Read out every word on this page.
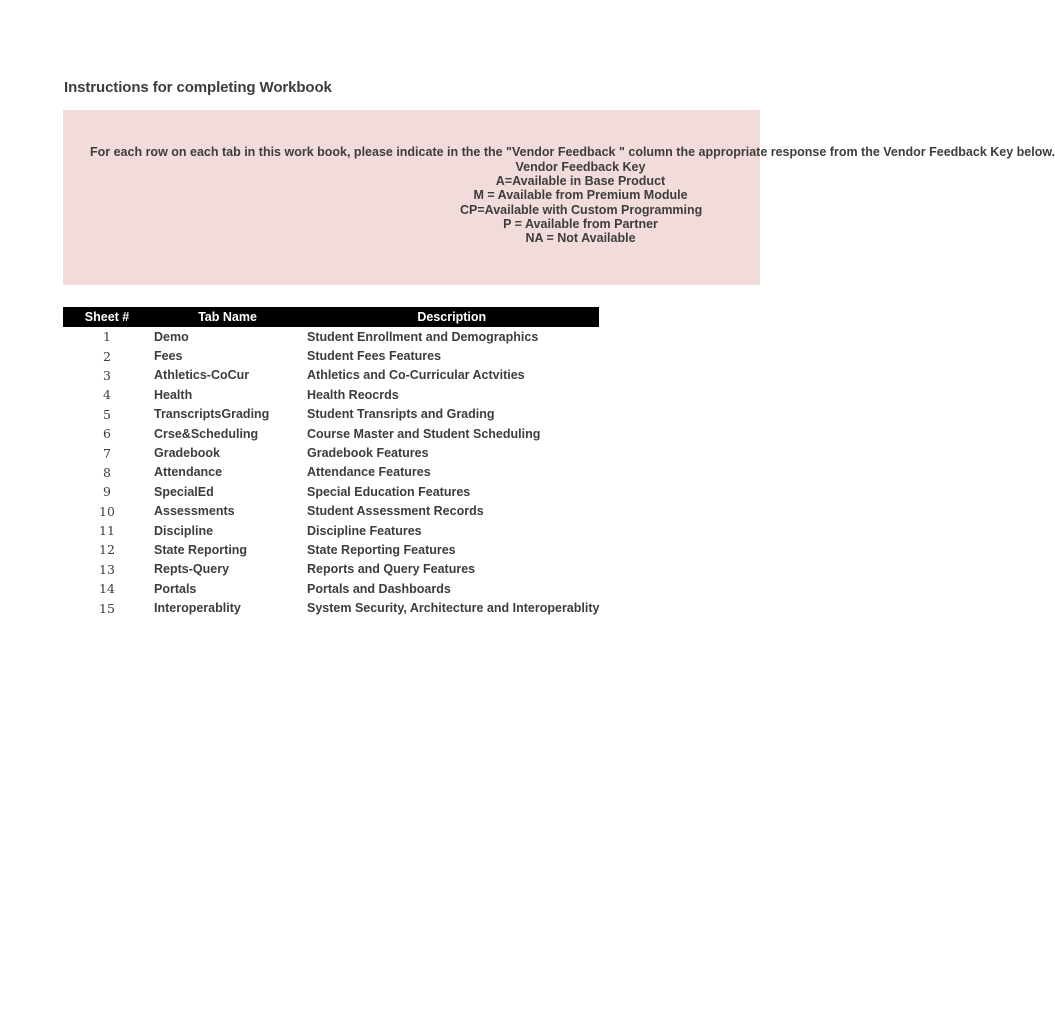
Instructions for completing Workbook
For each row on each tab in this work book, please indicate in the the "Vendor Feedback " column the appropriate response from the Vendor Feedback Key below.
Vendor Feedback Key
A=Available in Base Product
M = Available from Premium Module
CP=Available with Custom Programming
P = Available from Partner
NA = Not Available
Sheet #	Tab Name	Description
1	Demo	Student Enrollment and Demographics
2	Fees	Student Fees Features
3	Athletics-CoCur	Athletics and Co-Curricular Actvities
4	Health	Health Reocrds
5	TranscriptsGrading	Student Transripts and Grading
6	Crse&Scheduling	Course Master and Student Scheduling
7	Gradebook	Gradebook Features
8	Attendance	Attendance Features
9	SpecialEd	Special Education Features
10	Assessments	Student Assessment Records
11	Discipline	Discipline Features
12	State Reporting	State Reporting Features
13	Repts-Query	Reports and Query Features
14	Portals	Portals and Dashboards
15	Interoperablity	System Security, Architecture and Interoperablity
